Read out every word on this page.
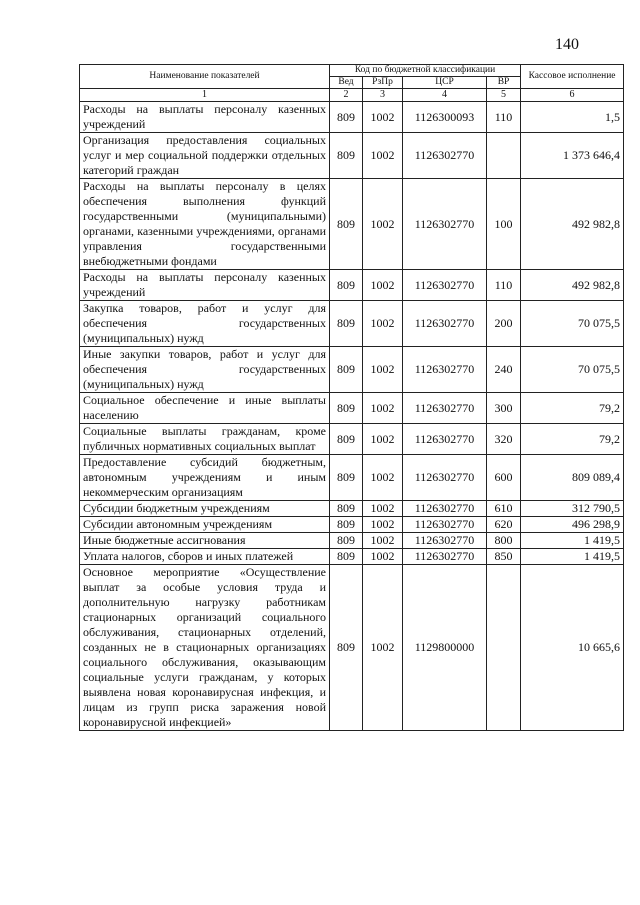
140
Наименование показателей	Код по бюджетной классификации				Кассовое исполнение
	Вед	РзПр	ЦСР	ВР	
1	2	3	4	5	6
Расходы на выплаты персоналу казенных учреждений	809	1002	1126300093	110	1,5
Организация предоставления социальных услуг и мер социальной поддержки отдельных категорий граждан	809	1002	1126302770		1 373 646,4
Расходы на выплаты персоналу в целях обеспечения выполнения функций государственными (муниципальными) органами, казенными учреждениями, органами управления государственными внебюджетными фондами	809	1002	1126302770	100	492 982,8
Расходы на выплаты персоналу казенных учреждений	809	1002	1126302770	110	492 982,8
Закупка товаров, работ и услуг для обеспечения государственных (муниципальных) нужд	809	1002	1126302770	200	70 075,5
Иные закупки товаров, работ и услуг для обеспечения государственных (муниципальных) нужд	809	1002	1126302770	240	70 075,5
Социальное обеспечение и иные выплаты населению	809	1002	1126302770	300	79,2
Социальные выплаты гражданам, кроме публичных нормативных социальных выплат	809	1002	1126302770	320	79,2
Предоставление субсидий бюджетным, автономным учреждениям и иным некоммерческим организациям	809	1002	1126302770	600	809 089,4
Субсидии бюджетным учреждениям	809	1002	1126302770	610	312 790,5
Субсидии автономным учреждениям	809	1002	1126302770	620	496 298,9
Иные бюджетные ассигнования	809	1002	1126302770	800	1 419,5
Уплата налогов, сборов и иных платежей	809	1002	1126302770	850	1 419,5
Основное мероприятие «Осуществление выплат за особые условия труда и дополнительную нагрузку работникам стационарных организаций социального обслуживания, стационарных отделений, созданных не в стационарных организациях социального обслуживания, оказывающим социальные услуги гражданам, у которых выявлена новая коронавирусная инфекция, и лицам из групп риска заражения новой коронавирусной инфекцией»	809	1002	1129800000		10 665,6
